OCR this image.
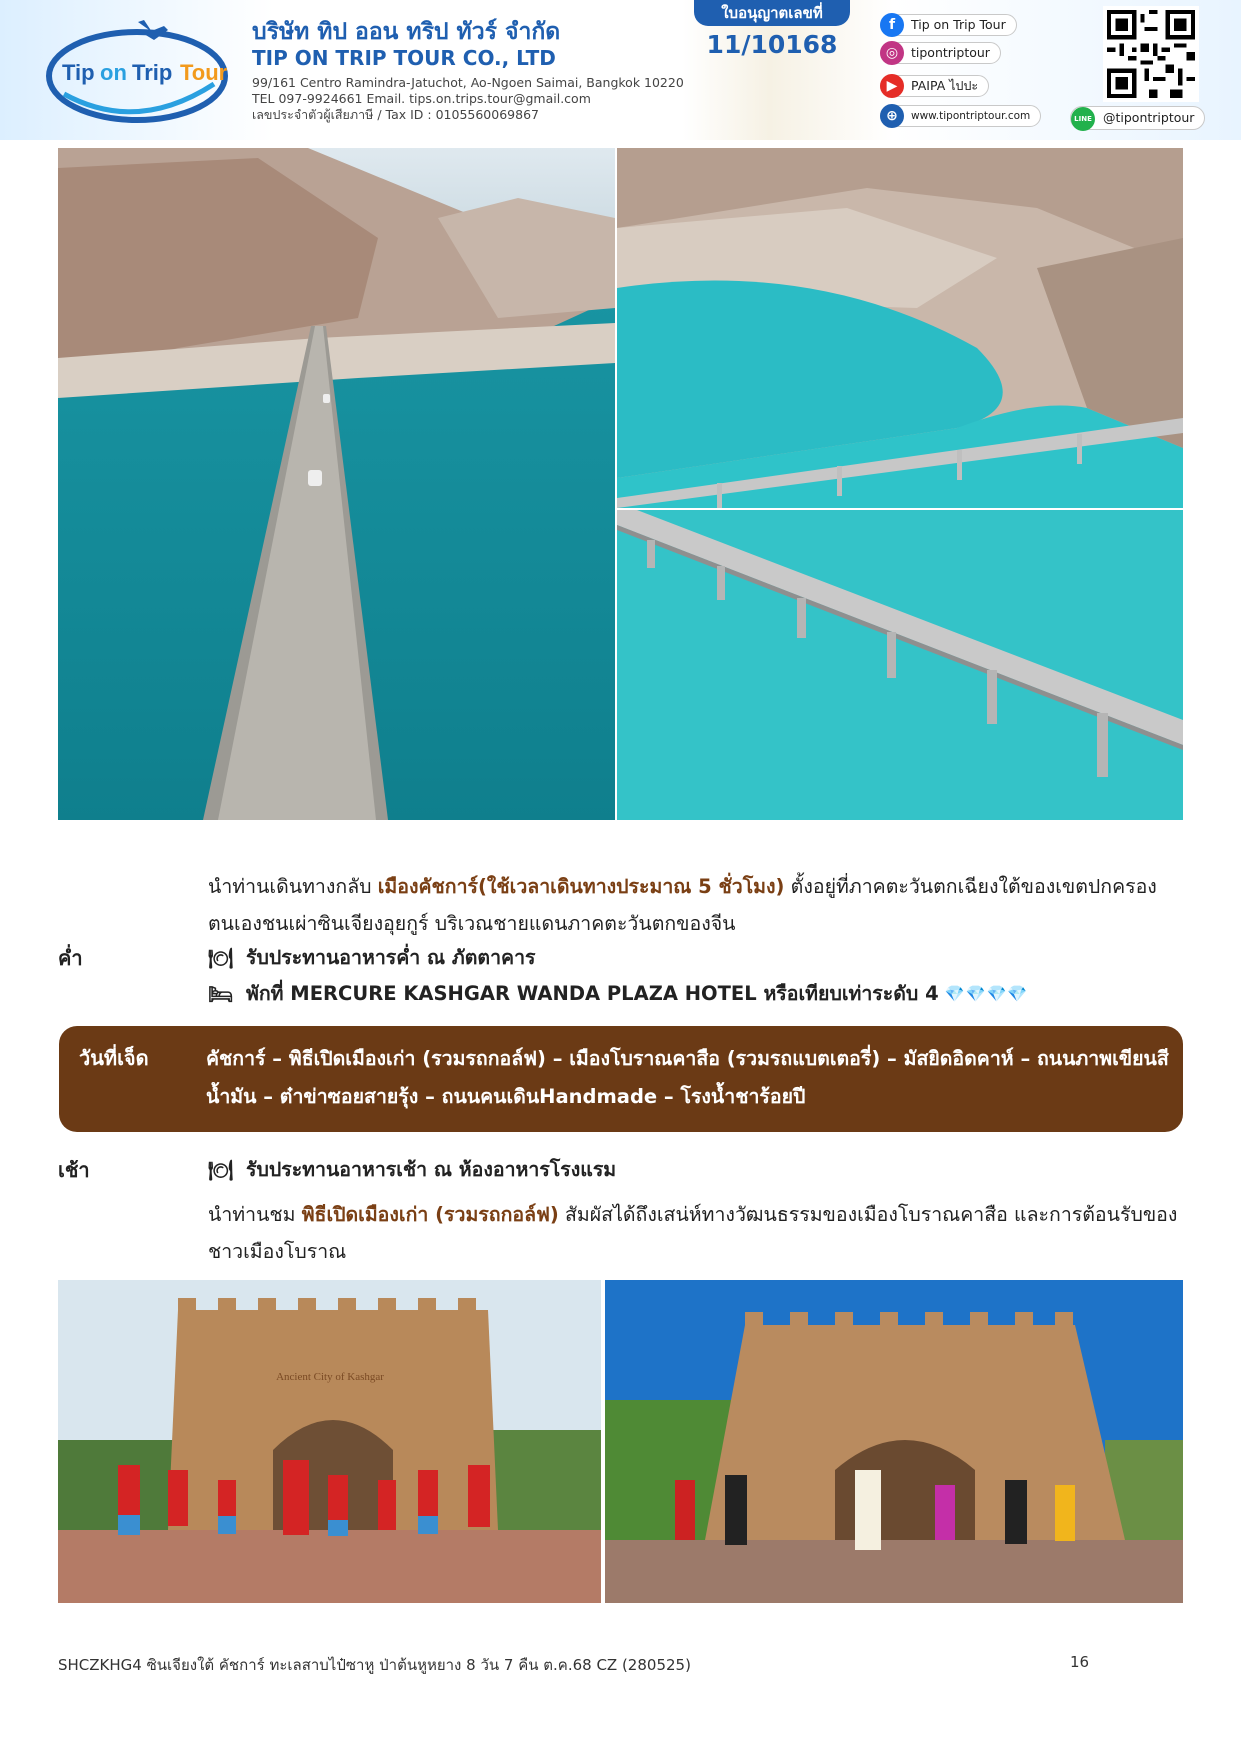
Tip on Trip Tour
บริษัท ทิป ออน ทริป ทัวร์ จำกัด
TIP ON TRIP TOUR CO., LTD
99/161 Centro Ramindra-Jatuchot, Ao-Ngoen Saimai, Bangkok 10220
TEL 097-9924661 Email. tips.on.trips.tour@gmail.com
เลขประจำตัวผู้เสียภาษี / Tax ID : 0105560069867
ใบอนุญาตเลขที่
11/10168
f	Tip on Trip Tour
◎	tipontriptour
▶	PAIPA ไปปะ
⊕	www.tipontriptour.com	LINE @tipontriptour
นำท่านเดินทางกลับ เมืองคัชการ์(ใช้เวลาเดินทางประมาณ 5 ชั่วโมง) ตั้งอยู่ที่ภาคตะวันตกเฉียงใต้ของเขตปกครองตนเองชนเผ่าซินเจียงอุยกูร์ บริเวณชายแดนภาคตะวันตกของจีน
ค่ำ	🍽 รับประทานอาหารค่ำ ณ ภัตตาคาร
🛏 พักที่ MERCURE KASHGAR WANDA PLAZA HOTEL หรือเทียบเท่าระดับ 4 💎💎💎💎
วันที่เจ็ด	คัชการ์ – พิธีเปิดเมืองเก่า (รวมรถกอล์ฟ) – เมืองโบราณคาสือ (รวมรถแบตเตอรี่) – มัสยิดอิดคาห์ – ถนนภาพเขียนสีน้ำมัน – ต๋าข่าซอยสายรุ้ง – ถนนคนเดินHandmade – โรงน้ำชาร้อยปี
เช้า	🍽 รับประทานอาหารเช้า ณ ห้องอาหารโรงแรม
นำท่านชม พิธีเปิดเมืองเก่า (รวมรถกอล์ฟ) สัมผัสได้ถึงเสน่ห์ทางวัฒนธรรมของเมืองโบราณคาสือ และการต้อนรับของชาวเมืองโบราณ
Ancient City of Kashgar
SHCZKHG4 ซินเจียงใต้ คัชการ์ ทะเลสาบไป๋ซาหู ป่าต้นหูหยาง 8 วัน 7 คืน ต.ค.68 CZ (280525)	16
